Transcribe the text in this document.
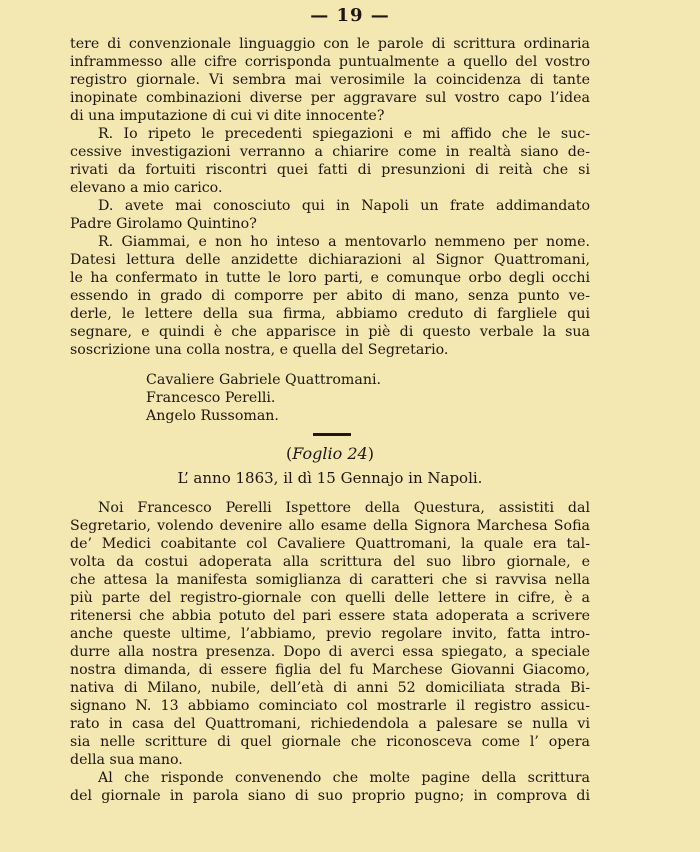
— 19 —
tere di convenzionale linguaggio con le parole di scrittura ordinaria
inframmesso alle cifre corrisponda puntualmente a quello del vostro
registro giornale. Vi sembra mai verosimile la coincidenza di tante
inopinate combinazioni diverse per aggravare sul vostro capo l’idea
di una imputazione di cui vi dite innocente?
R. Io ripeto le precedenti spiegazioni e mi affido che le suc-
cessive investigazioni verranno a chiarire come in realtà siano de-
rivati da fortuiti riscontri quei fatti di presunzioni di reità che si
elevano a mio carico.
D. avete mai conosciuto qui in Napoli un frate addimandato
Padre Girolamo Quintino?
R. Giammai, e non ho inteso a mentovarlo nemmeno per nome.
Datesi lettura delle anzidette dichiarazioni al Signor Quattromani,
le ha confermato in tutte le loro parti, e comunque orbo degli occhi
essendo in grado di comporre per abito di mano, senza punto ve-
derle, le lettere della sua firma, abbiamo creduto di fargliele qui
segnare, e quindi è che apparisce in piè di questo verbale la sua
soscrizione una colla nostra, e quella del Segretario.
Cavaliere Gabriele Quattromani.
Francesco Perelli.
Angelo Russoman.
(Foglio 24)
L’ anno 1863, il dì 15 Gennajo in Napoli.
Noi Francesco Perelli Ispettore della Questura, assistiti dal
Segretario, volendo devenire allo esame della Signora Marchesa Sofia
de’ Medici coabitante col Cavaliere Quattromani, la quale era tal-
volta da costui adoperata alla scrittura del suo libro giornale, e
che attesa la manifesta somiglianza di caratteri che si ravvisa nella
più parte del registro-giornale con quelli delle lettere in cifre, è a
ritenersi che abbia potuto del pari essere stata adoperata a scrivere
anche queste ultime, l’abbiamo, previo regolare invito, fatta intro-
durre alla nostra presenza. Dopo di averci essa spiegato, a speciale
nostra dimanda, di essere figlia del fu Marchese Giovanni Giacomo,
nativa di Milano, nubile, dell’età di anni 52 domiciliata strada Bi-
signano N. 13 abbiamo cominciato col mostrarle il registro assicu-
rato in casa del Quattromani, richiedendola a palesare se nulla vi
sia nelle scritture di quel giornale che riconosceva come l’ opera
della sua mano.
Al che risponde convenendo che molte pagine della scrittura
del giornale in parola siano di suo proprio pugno; in comprova di
